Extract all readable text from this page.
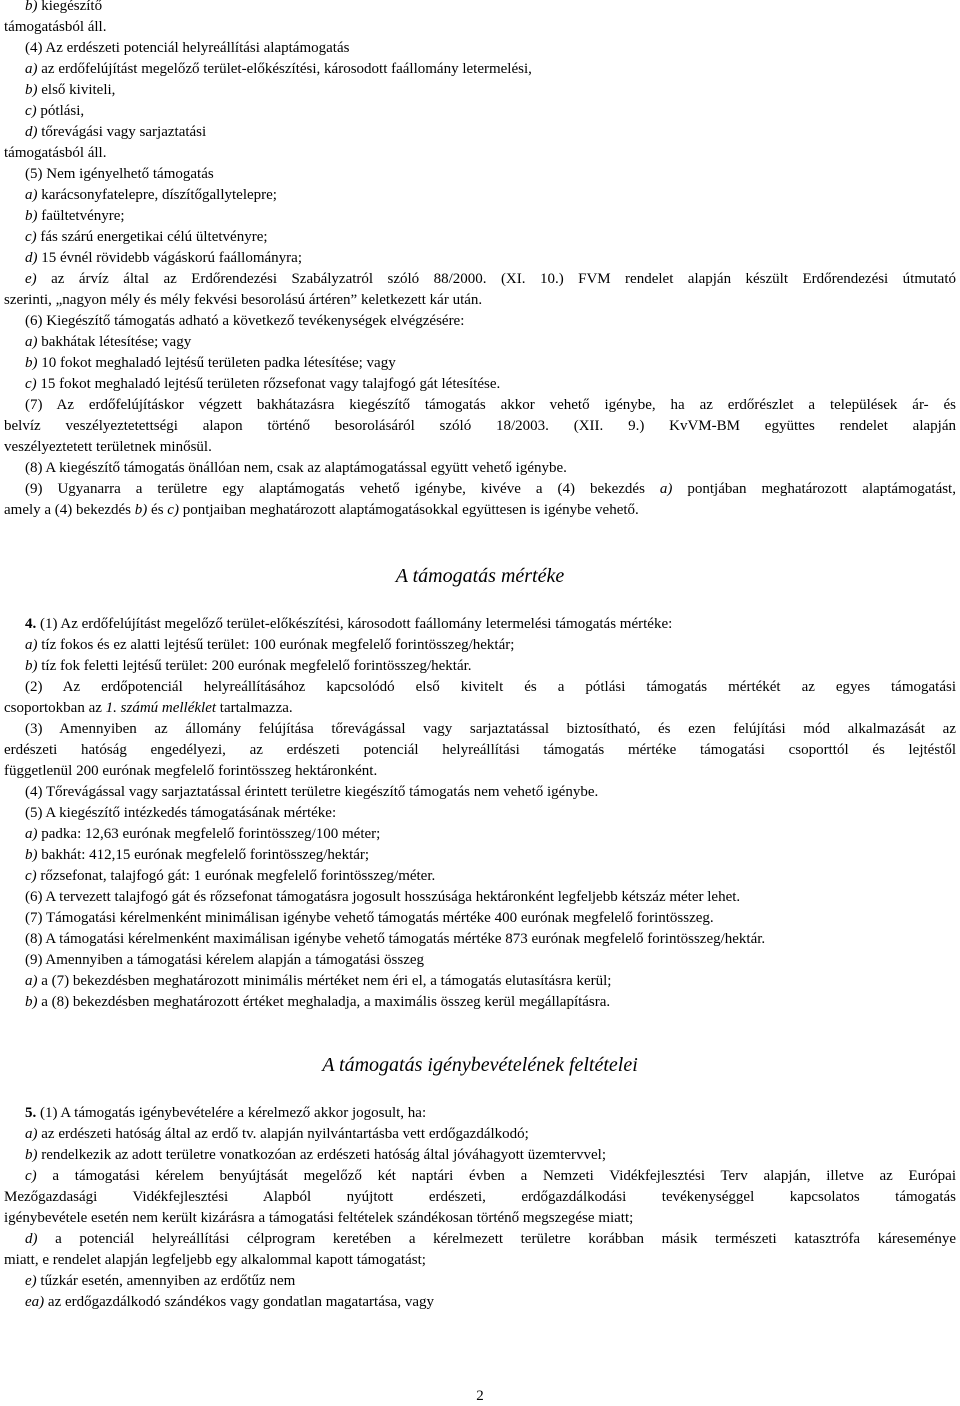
b) kiegészítő
támogatásból áll.
(4) Az erdészeti potenciál helyreállítási alaptámogatás
a) az erdőfelújítást megelőző terület-előkészítési, károsodott faállomány letermelési,
b) első kiviteli,
c) pótlási,
d) tőrevágási vagy sarjaztatási
támogatásból áll.
(5) Nem igényelhető támogatás
a) karácsonyfatelepre, díszítőgallytelepre;
b) faültetvényre;
c) fás szárú energetikai célú ültetvényre;
d) 15 évnél rövidebb vágáskorú faállományra;
e) az árvíz által az Erdőrendezési Szabályzatról szóló 88/2000. (XI. 10.) FVM rendelet alapján készült Erdőrendezési útmutató
szerinti, „nagyon mély és mély fekvési besorolású ártéren” keletkezett kár után.
(6) Kiegészítő támogatás adható a következő tevékenységek elvégzésére:
a) bakhátak létesítése; vagy
b) 10 fokot meghaladó lejtésű területen padka létesítése; vagy
c) 15 fokot meghaladó lejtésű területen rőzsefonat vagy talajfogó gát létesítése.
(7) Az erdőfelújításkor végzett bakhátazásra kiegészítő támogatás akkor vehető igénybe, ha az erdőrészlet a települések ár- és
belvíz veszélyeztetettségi alapon történő besorolásáról szóló 18/2003. (XII. 9.) KvVM-BM együttes rendelet alapján
veszélyeztetett területnek minősül.
(8) A kiegészítő támogatás önállóan nem, csak az alaptámogatással együtt vehető igénybe.
(9) Ugyanarra a területre egy alaptámogatás vehető igénybe, kivéve a (4) bekezdés a) pontjában meghatározott alaptámogatást,
amely a (4) bekezdés b) és c) pontjaiban meghatározott alaptámogatásokkal együttesen is igénybe vehető.
A támogatás mértéke
4. (1) Az erdőfelújítást megelőző terület-előkészítési, károsodott faállomány letermelési támogatás mértéke:
a) tíz fokos és ez alatti lejtésű terület: 100 eurónak megfelelő forintösszeg/hektár;
b) tíz fok feletti lejtésű terület: 200 eurónak megfelelő forintösszeg/hektár.
(2) Az erdőpotenciál helyreállításához kapcsolódó első kivitelt és a pótlási támogatás mértékét az egyes támogatási
csoportokban az 1. számú melléklet tartalmazza.
(3) Amennyiben az állomány felújítása tőrevágással vagy sarjaztatással biztosítható, és ezen felújítási mód alkalmazását az
erdészeti hatóság engedélyezi, az erdészeti potenciál helyreállítási támogatás mértéke támogatási csoporttól és lejtéstől
függetlenül 200 eurónak megfelelő forintösszeg hektáronként.
(4) Tőrevágással vagy sarjaztatással érintett területre kiegészítő támogatás nem vehető igénybe.
(5) A kiegészítő intézkedés támogatásának mértéke:
a) padka: 12,63 eurónak megfelelő forintösszeg/100 méter;
b) bakhát: 412,15 eurónak megfelelő forintösszeg/hektár;
c) rőzsefonat, talajfogó gát: 1 eurónak megfelelő forintösszeg/méter.
(6) A tervezett talajfogó gát és rőzsefonat támogatásra jogosult hosszúsága hektáronként legfeljebb kétszáz méter lehet.
(7) Támogatási kérelmenként minimálisan igénybe vehető támogatás mértéke 400 eurónak megfelelő forintösszeg.
(8) A támogatási kérelmenként maximálisan igénybe vehető támogatás mértéke 873 eurónak megfelelő forintösszeg/hektár.
(9) Amennyiben a támogatási kérelem alapján a támogatási összeg
a) a (7) bekezdésben meghatározott minimális mértéket nem éri el, a támogatás elutasításra kerül;
b) a (8) bekezdésben meghatározott értéket meghaladja, a maximális összeg kerül megállapításra.
A támogatás igénybevételének feltételei
5. (1) A támogatás igénybevételére a kérelmező akkor jogosult, ha:
a) az erdészeti hatóság által az erdő tv. alapján nyilvántartásba vett erdőgazdálkodó;
b) rendelkezik az adott területre vonatkozóan az erdészeti hatóság által jóváhagyott üzemtervvel;
c) a támogatási kérelem benyújtását megelőző két naptári évben a Nemzeti Vidékfejlesztési Terv alapján, illetve az Európai
Mezőgazdasági Vidékfejlesztési Alapból nyújtott erdészeti, erdőgazdálkodási tevékenységgel kapcsolatos támogatás
igénybevétele esetén nem került kizárásra a támogatási feltételek szándékosan történő megszegése miatt;
d) a potenciál helyreállítási célprogram keretében a kérelmezett területre korábban másik természeti katasztrófa káreseménye
miatt, e rendelet alapján legfeljebb egy alkalommal kapott támogatást;
e) tűzkár esetén, amennyiben az erdőtűz nem
ea) az erdőgazdálkodó szándékos vagy gondatlan magatartása, vagy
2
